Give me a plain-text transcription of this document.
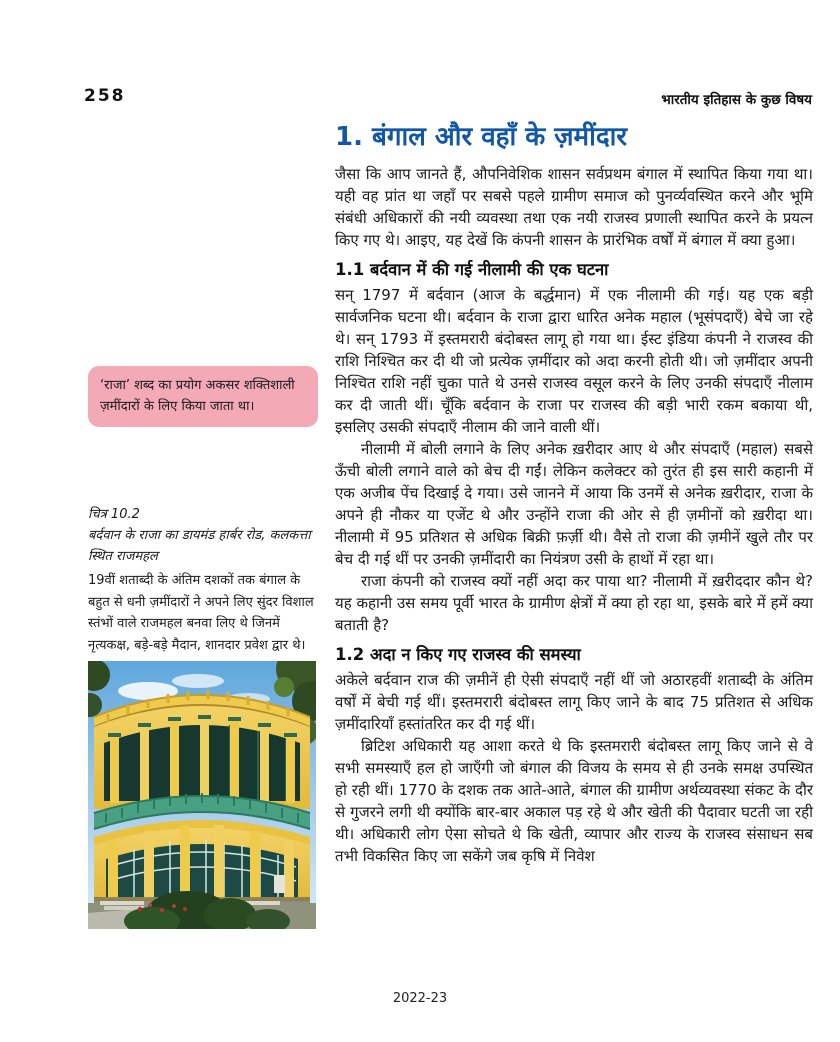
258	भारतीय इतिहास के कुछ विषय
1. बंगाल और वहाँ के ज़मींदार

जैसा कि आप जानते हैं, औपनिवेशिक शासन सर्वप्रथम बंगाल में स्थापित किया गया था। यही वह प्रांत था जहाँ पर सबसे पहले ग्रामीण समाज को पुनर्व्यवस्थित करने और भूमि संबंधी अधिकारों की नयी व्यवस्था तथा एक नयी राजस्व प्रणाली स्थापित करने के प्रयत्न किए गए थे। आइए, यह देखें कि कंपनी शासन के प्रारंभिक वर्षों में बंगाल में क्या हुआ।

1.1 बर्दवान में की गई नीलामी की एक घटना

सन् 1797 में बर्दवान (आज के बर्द्धमान) में एक नीलामी की गई। यह एक बड़ी सार्वजनिक घटना थी। बर्दवान के राजा द्वारा धारित अनेक महाल (भूसंपदाएँ) बेचे जा रहे थे। सन् 1793 में इस्तमरारी बंदोबस्त लागू हो गया था। ईस्ट इंडिया कंपनी ने राजस्व की राशि निश्चित कर दी थी जो प्रत्येक ज़मींदार को अदा करनी होती थी। जो ज़मींदार अपनी निश्चित राशि नहीं चुका पाते थे उनसे राजस्व वसूल करने के लिए उनकी संपदाएँ नीलाम कर दी जाती थीं। चूँकि बर्दवान के राजा पर राजस्व की बड़ी भारी रकम बकाया थी, इसलिए उसकी संपदाएँ नीलाम की जाने वाली थीं।

नीलामी में बोली लगाने के लिए अनेक ख़रीदार आए थे और संपदाएँ (महाल) सबसे ऊँची बोली लगाने वाले को बेच दी गईं। लेकिन कलेक्टर को तुरंत ही इस सारी कहानी में एक अजीब पेंच दिखाई दे गया। उसे जानने में आया कि उनमें से अनेक ख़रीदार, राजा के अपने ही नौकर या एजेंट थे और उन्होंने राजा की ओर से ही ज़मीनों को ख़रीदा था। नीलामी में 95 प्रतिशत से अधिक बिक्री फ़र्ज़ी थी। वैसे तो राजा की ज़मीनें खुले तौर पर बेच दी गई थीं पर उनकी ज़मींदारी का नियंत्रण उसी के हाथों में रहा था।

राजा कंपनी को राजस्व क्यों नहीं अदा कर पाया था? नीलामी में ख़रीददार कौन थे? यह कहानी उस समय पूर्वी भारत के ग्रामीण क्षेत्रों में क्या हो रहा था, इसके बारे में हमें क्या बताती है?

1.2 अदा न किए गए राजस्व की समस्या

अकेले बर्दवान राज की ज़मीनें ही ऐसी संपदाएँ नहीं थीं जो अठारहवीं शताब्दी के अंतिम वर्षों में बेची गई थीं। इस्तमरारी बंदोबस्त लागू किए जाने के बाद 75 प्रतिशत से अधिक ज़मींदारियाँ हस्तांतरित कर दी गई थीं।

ब्रिटिश अधिकारी यह आशा करते थे कि इस्तमरारी बंदोबस्त लागू किए जाने से वे सभी समस्याएँ हल हो जाएँगी जो बंगाल की विजय के समय से ही उनके समक्ष उपस्थित हो रही थीं। 1770 के दशक तक आते-आते, बंगाल की ग्रामीण अर्थव्यवस्था संकट के दौर से गुजरने लगी थी क्योंकि बार-बार अकाल पड़ रहे थे और खेती की पैदावार घटती जा रही थी। अधिकारी लोग ऐसा सोचते थे कि खेती, व्यापार और राज्य के राजस्व संसाधन सब तभी विकसित किए जा सकेंगे जब कृषि में निवेश

‘राजा’ शब्द का प्रयोग अकसर शक्तिशाली ज़मींदारों के लिए किया जाता था।
चित्र 10.2
बर्दवान के राजा का डायमंड हार्बर रोड, कलकत्ता स्थित राजमहल
19वीं शताब्दी के अंतिम दशकों तक बंगाल के बहुत से धनी ज़मींदारों ने अपने लिए सुंदर विशाल स्तंभों वाले राजमहल बनवा लिए थे जिनमें नृत्यकक्ष, बड़े-बड़े मैदान, शानदार प्रवेश द्वार थे।
2022-23
